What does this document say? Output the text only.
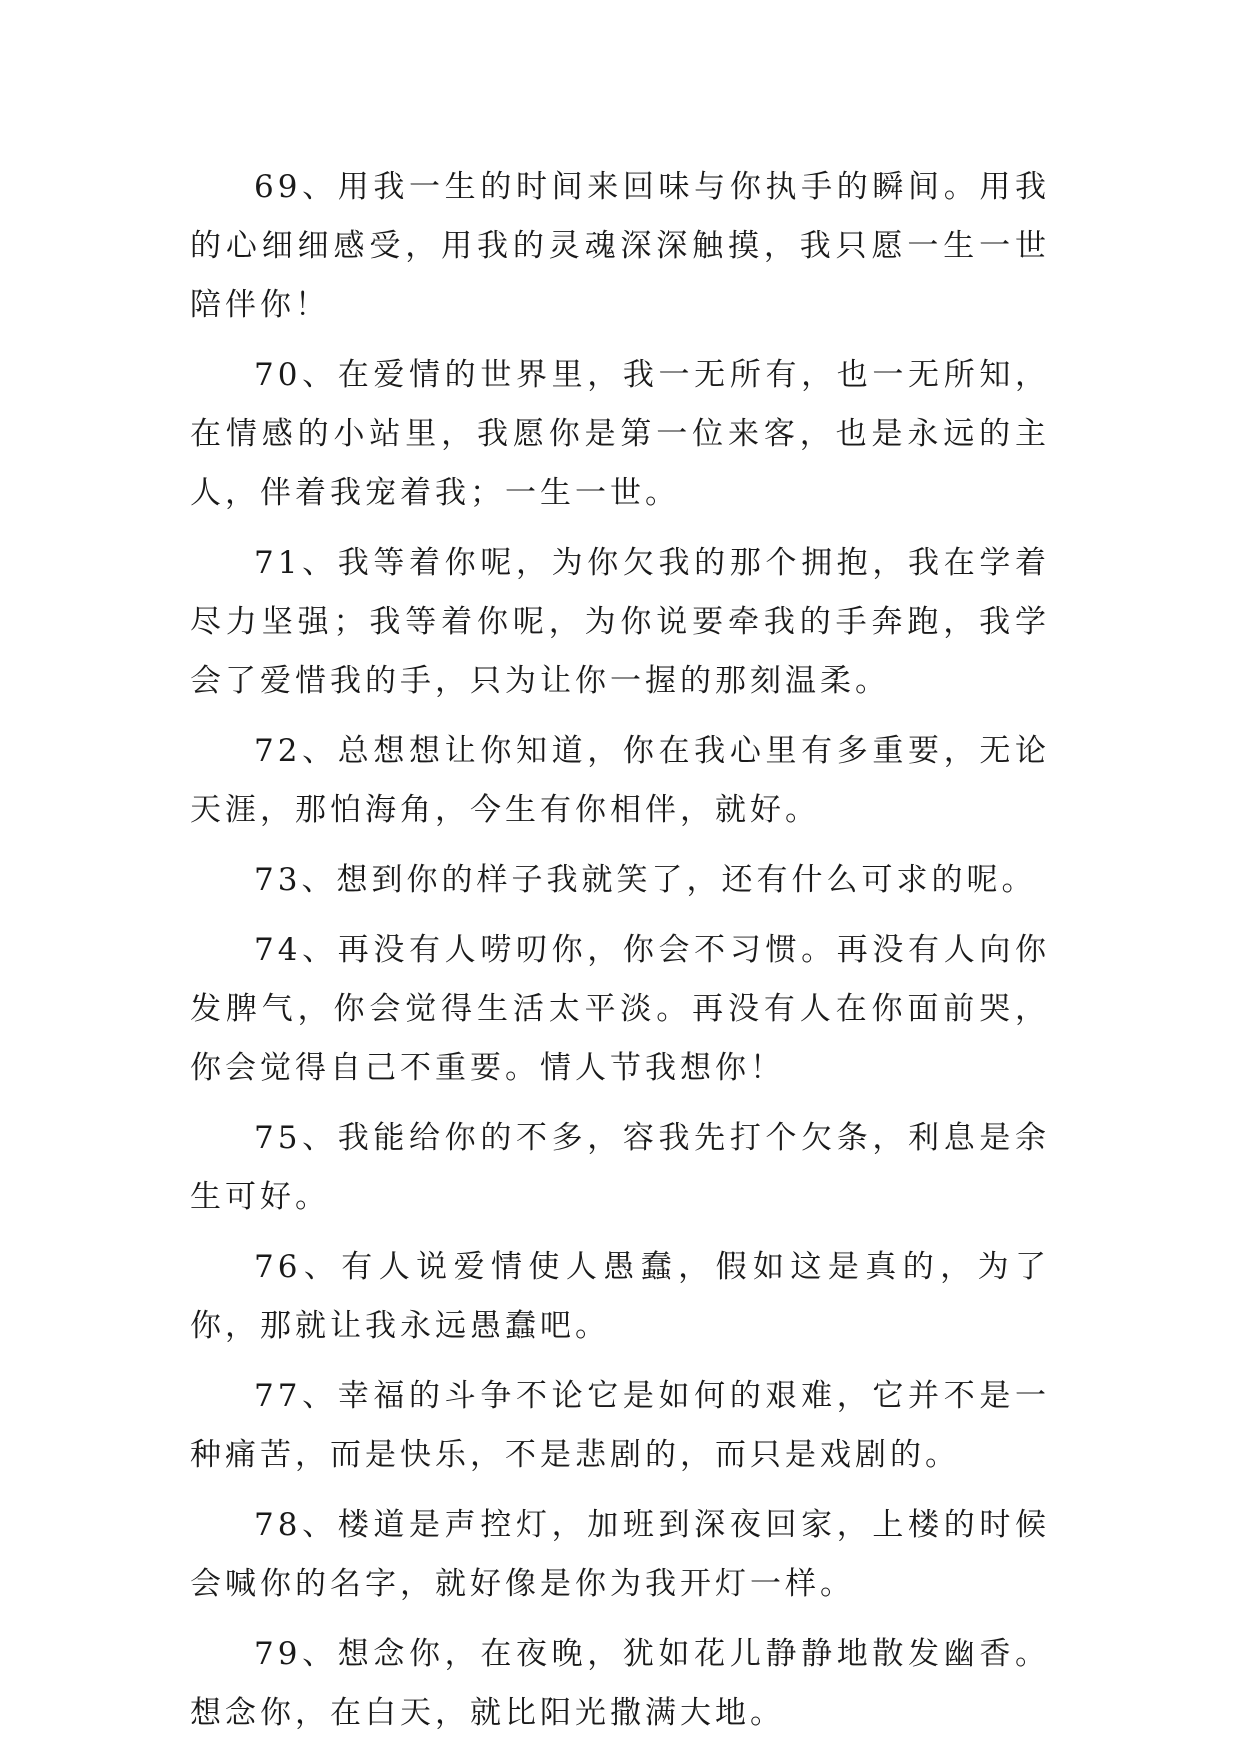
69、用我一生的时间来回味与你执手的瞬间。用我的心细细感受，用我的灵魂深深触摸，我只愿一生一世陪伴你！

70、在爱情的世界里，我一无所有，也一无所知，在情感的小站里，我愿你是第一位来客，也是永远的主人，伴着我宠着我；一生一世。

71、我等着你呢，为你欠我的那个拥抱，我在学着尽力坚强；我等着你呢，为你说要牵我的手奔跑，我学会了爱惜我的手，只为让你一握的那刻温柔。

72、总想想让你知道，你在我心里有多重要，无论天涯，那怕海角，今生有你相伴，就好。

73、想到你的样子我就笑了，还有什么可求的呢。

74、再没有人唠叨你，你会不习惯。再没有人向你发脾气，你会觉得生活太平淡。再没有人在你面前哭，你会觉得自己不重要。情人节我想你！

75、我能给你的不多，容我先打个欠条，利息是余生可好。

76、有人说爱情使人愚蠢，假如这是真的，为了你，那就让我永远愚蠢吧。

77、幸福的斗争不论它是如何的艰难，它并不是一种痛苦，而是快乐，不是悲剧的，而只是戏剧的。

78、楼道是声控灯，加班到深夜回家，上楼的时候会喊你的名字，就好像是你为我开灯一样。

79、想念你，在夜晚，犹如花儿静静地散发幽香。想念你，在白天，就比阳光撒满大地。
